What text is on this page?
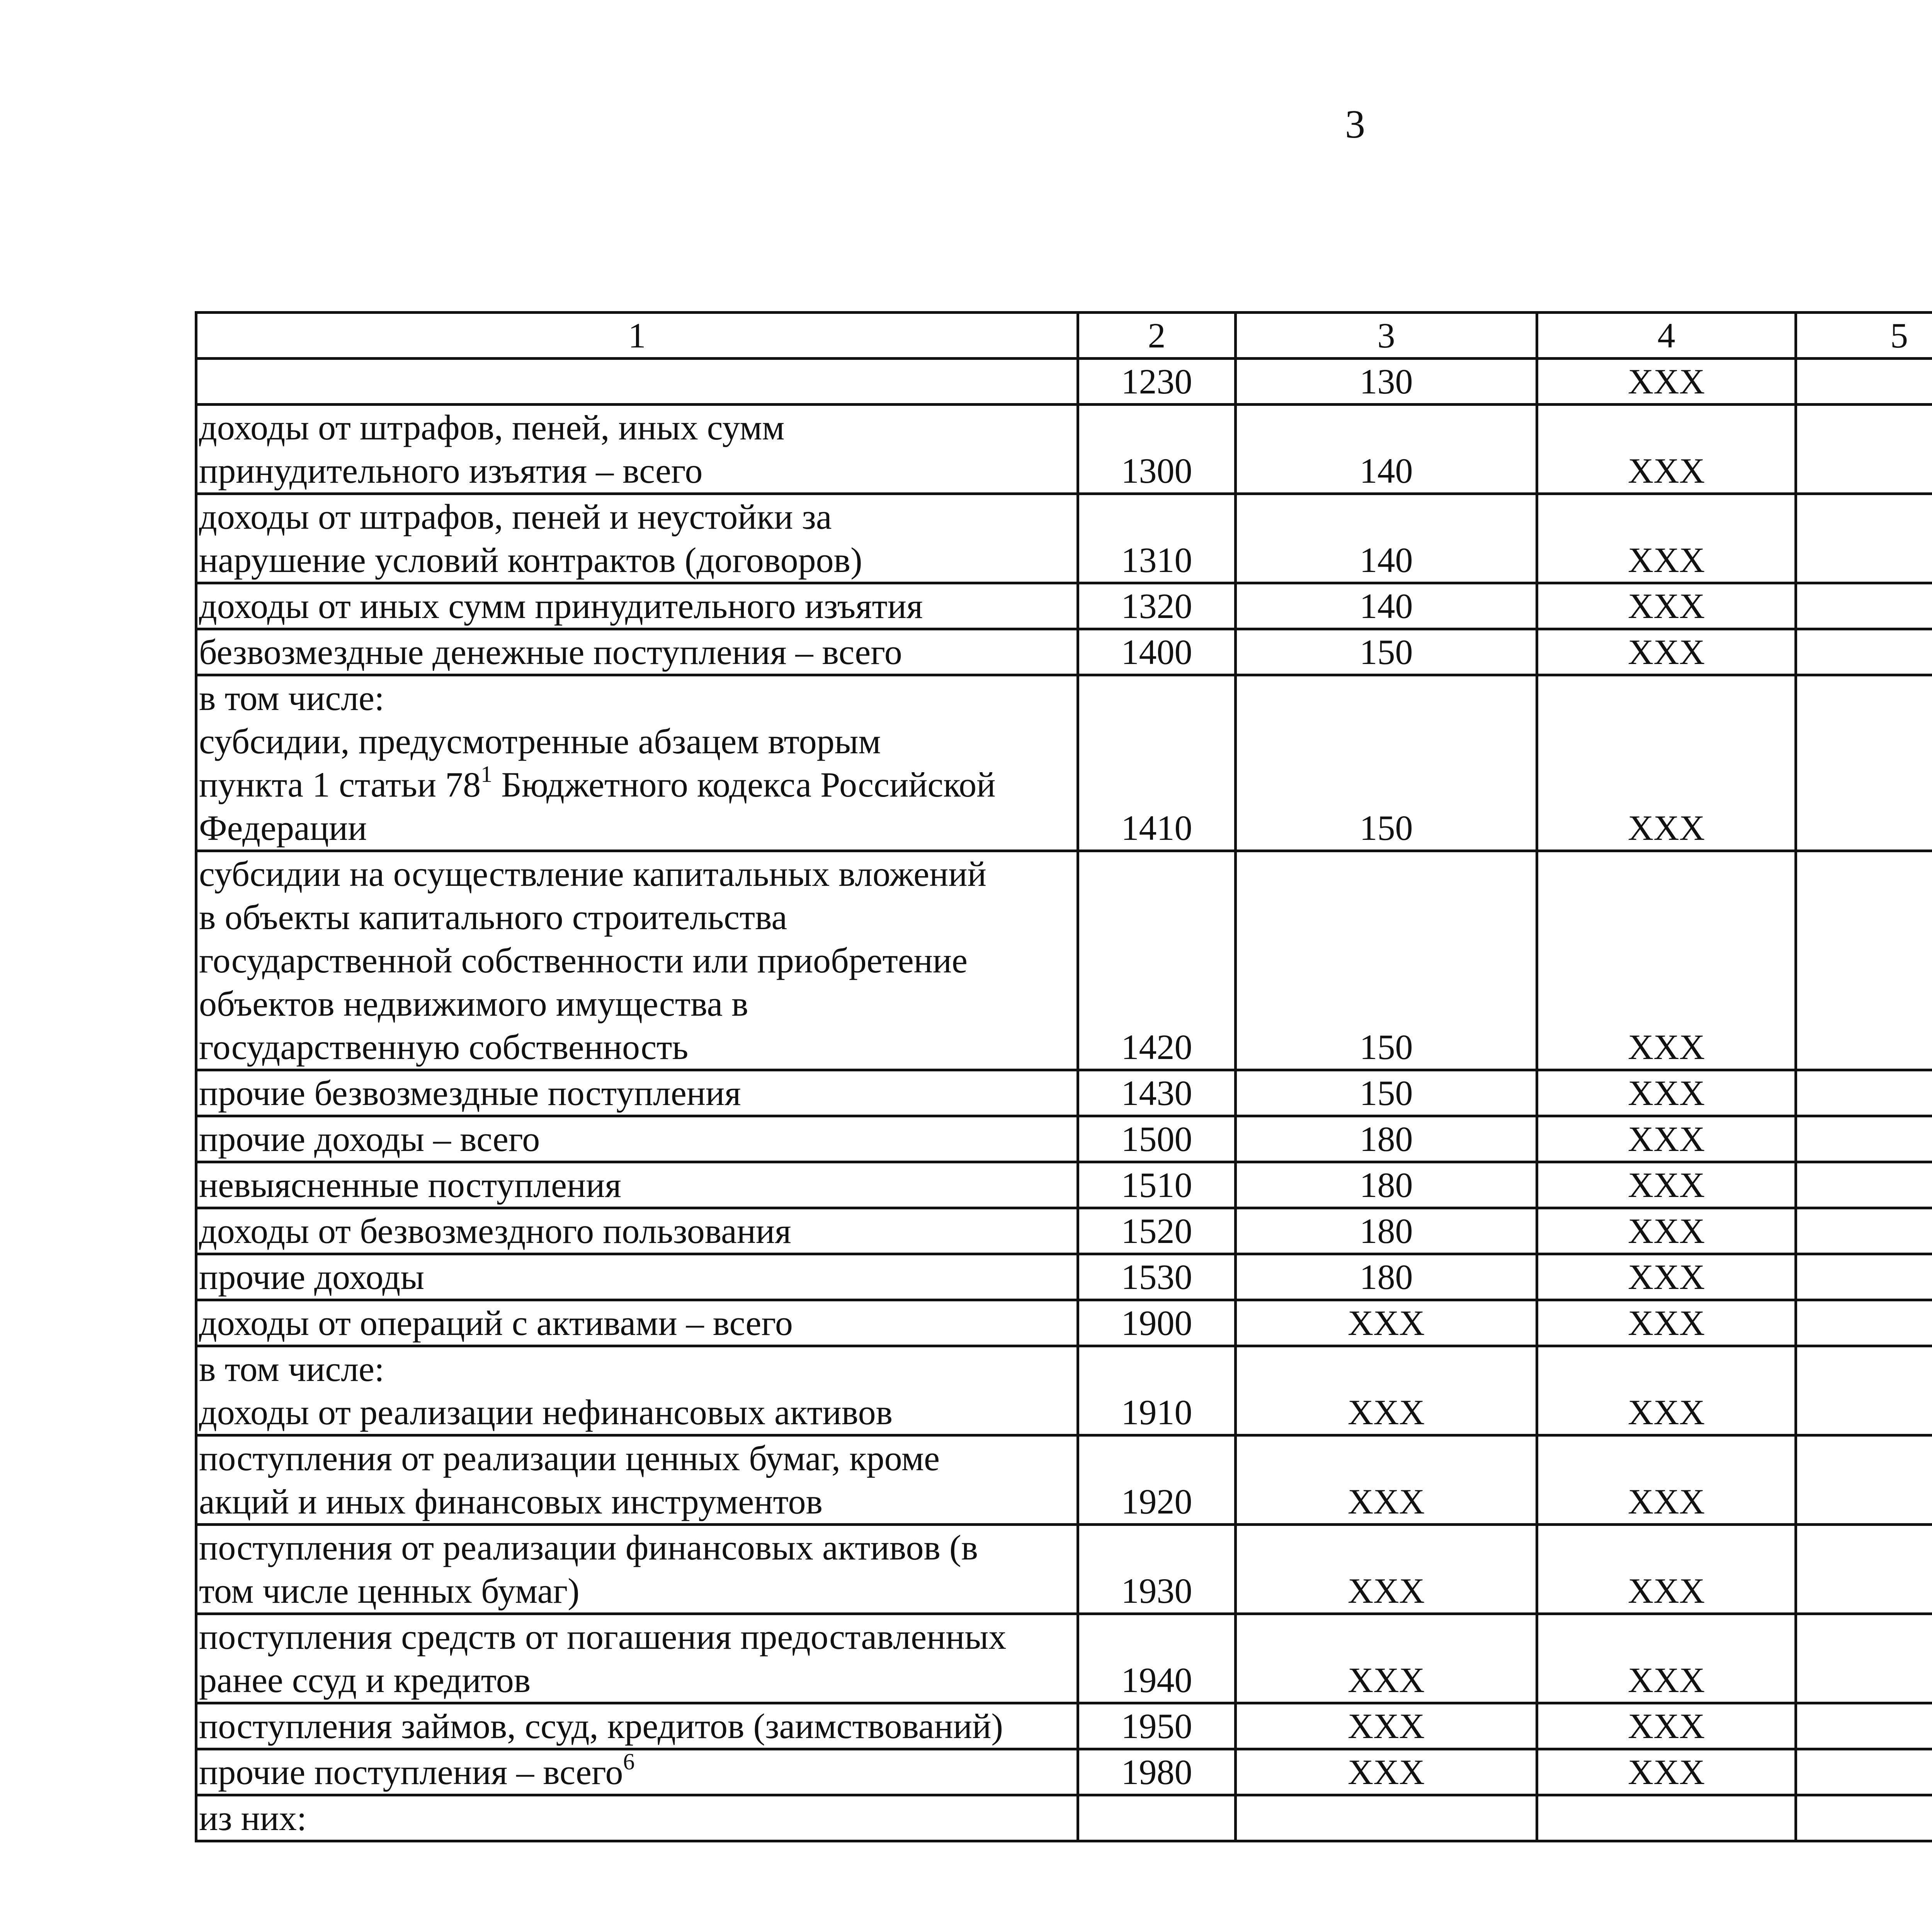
3
1	2	3	4	5			
	1230	130	XXX				

доходы от штрафов, пеней, иных сумм
принудительного изъятия – всего	1300	140	XXX				

доходы от штрафов, пеней и неустойки за
нарушение условий контрактов (договоров)	1310	140	XXX				

доходы от иных сумм принудительного изъятия	1320	140	XXX				

безвозмездные денежные поступления – всего	1400	150	XXX				

в том числе:
субсидии, предусмотренные абзацем вторым
пункта 1 статьи $78^1$ Бюджетного кодекса Российской
Федерации	1410	150	XXX				

субсидии на осуществление капитальных вложений
в объекты капитального строительства
государственной собственности или приобретение
объектов недвижимого имущества в
государственную собственность	1420	150	XXX				

прочие безвозмездные поступления	1430	150	XXX				

прочие доходы – всего	1500	180	XXX				

невыясненные поступления	1510	180	XXX				

доходы от безвозмездного пользования	1520	180	XXX				

прочие доходы	1530	180	XXX				

доходы от операций с активами – всего	1900	XXX	XXX				

в том числе:
доходы от реализации нефинансовых активов	1910	XXX	XXX				

поступления от реализации ценных бумаг, кроме
акций и иных финансовых инструментов	1920	XXX	XXX				

поступления от реализации финансовых активов (в
том числе ценных бумаг)	1930	XXX	XXX				

поступления средств от погашения предоставленных
ранее ссуд и кредитов	1940	XXX	XXX				

поступления займов, ссуд, кредитов (заимствований)	1950	XXX	XXX				

прочие поступления – всего$^6$	1980	XXX	XXX				

из них:							
